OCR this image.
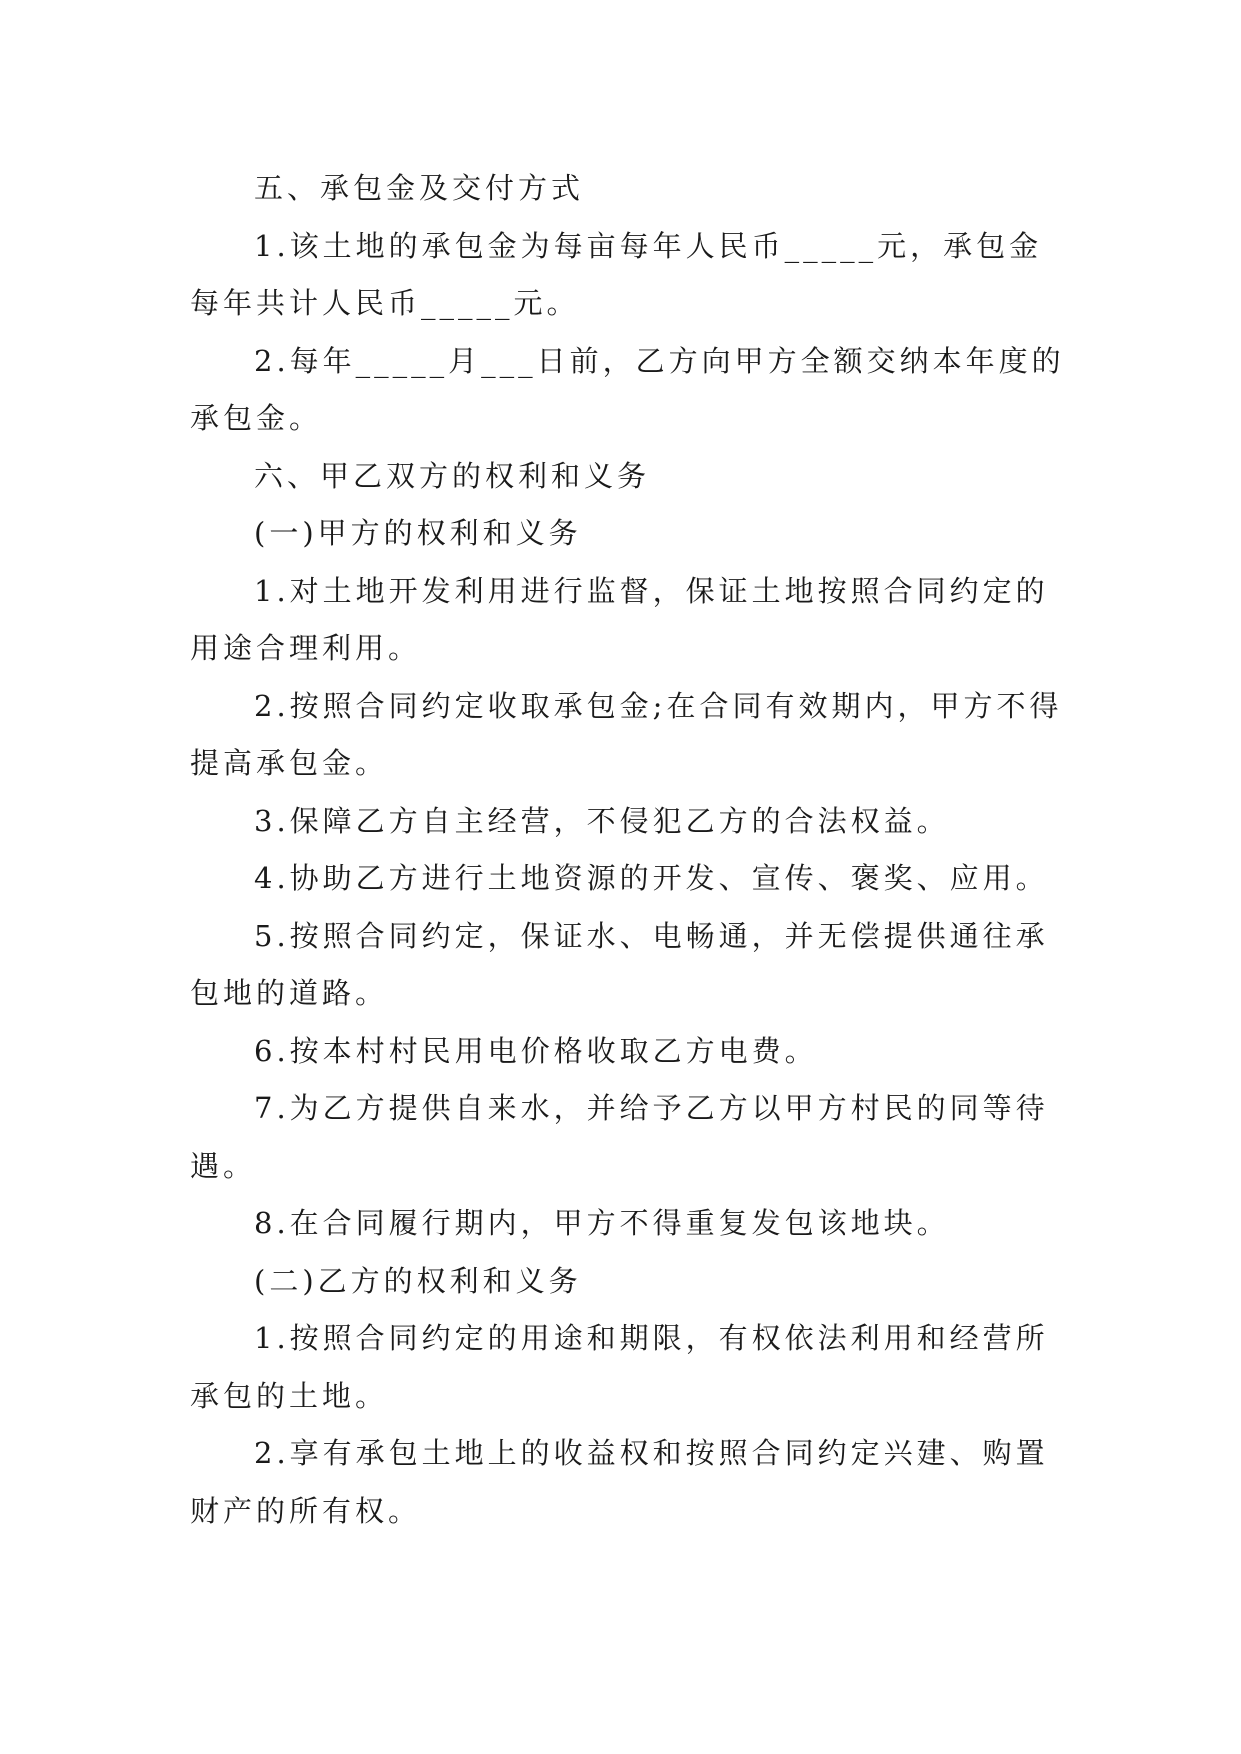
五、承包金及交付方式

1.该土地的承包金为每亩每年人民币_____元，承包金每年共计人民币_____元。

2.每年_____月___日前，乙方向甲方全额交纳本年度的承包金。

六、甲乙双方的权利和义务

(一)甲方的权利和义务

1.对土地开发利用进行监督，保证土地按照合同约定的用途合理利用。

2.按照合同约定收取承包金;在合同有效期内，甲方不得提高承包金。

3.保障乙方自主经营，不侵犯乙方的合法权益。

4.协助乙方进行土地资源的开发、宣传、褒奖、应用。

5.按照合同约定，保证水、电畅通，并无偿提供通往承包地的道路。

6.按本村村民用电价格收取乙方电费。

7.为乙方提供自来水，并给予乙方以甲方村民的同等待遇。

8.在合同履行期内，甲方不得重复发包该地块。

(二)乙方的权利和义务

1.按照合同约定的用途和期限，有权依法利用和经营所承包的土地。

2.享有承包土地上的收益权和按照合同约定兴建、购置财产的所有权。
